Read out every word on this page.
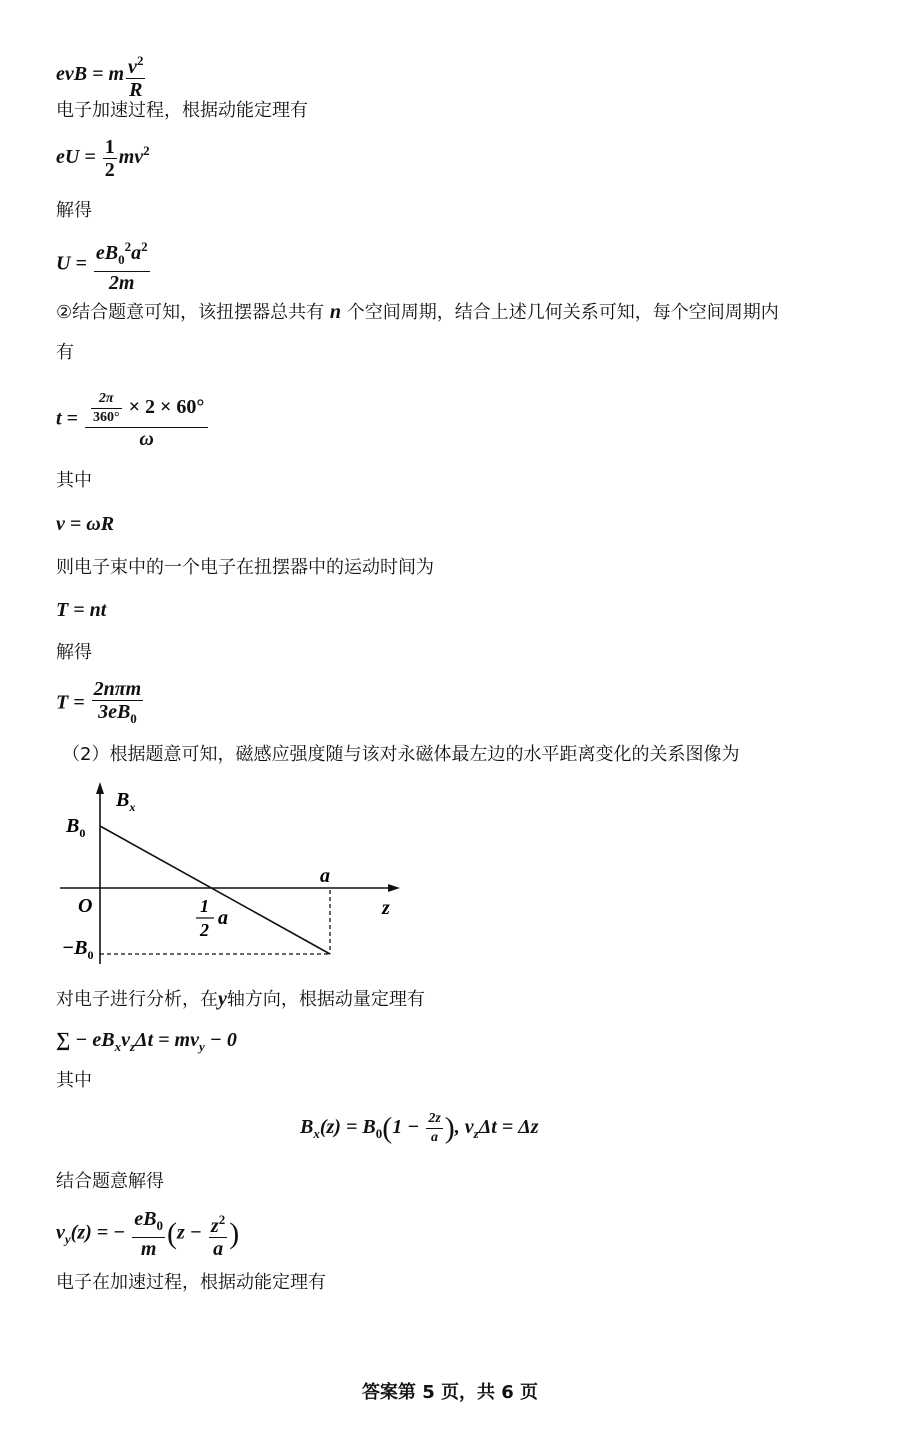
evB = m $\frac{v^2}{R}$
电子加速过程，根据动能定理有
eU = $\frac{1}{2} mv^2$
解得
$U = \frac{eB_0^2a^2}{2m}$
②结合题意可知，该扭摆器总共有 n 个空间周期，结合上述几何关系可知，每个空间周期内
有
$t = \frac{\frac{2\pi}{360^\circ} \times 2 \times 60^\circ}{\omega}$
其中
v = ωR
则电子束中的一个电子在扭摆器中的运动时间为
T = nt
解得
$T = \frac{\text{2nπm}}{3eB_0}$
（2）根据题意可知，磁感应强度随与该对永磁体最左边的水平距离变化的关系图像为
$B_x$
$B_0$
O
$-B_0$
a
z
1
2
a
对电子进行分析，在y轴方向，根据动量定理有
∑ − $eB_xv_z\Delta t = mv_y - 0$
其中
$B_x(z) = B_0(1 - \frac{2z}{a}$ ), $v_z\Delta t = \Delta z$
结合题意解得
$v_y(z)$ = − $\frac{eB_0}{m} (z - \frac{z^2}{a}$ )
电子在加速过程，根据动能定理有
答案第 5 页，共 6 页
